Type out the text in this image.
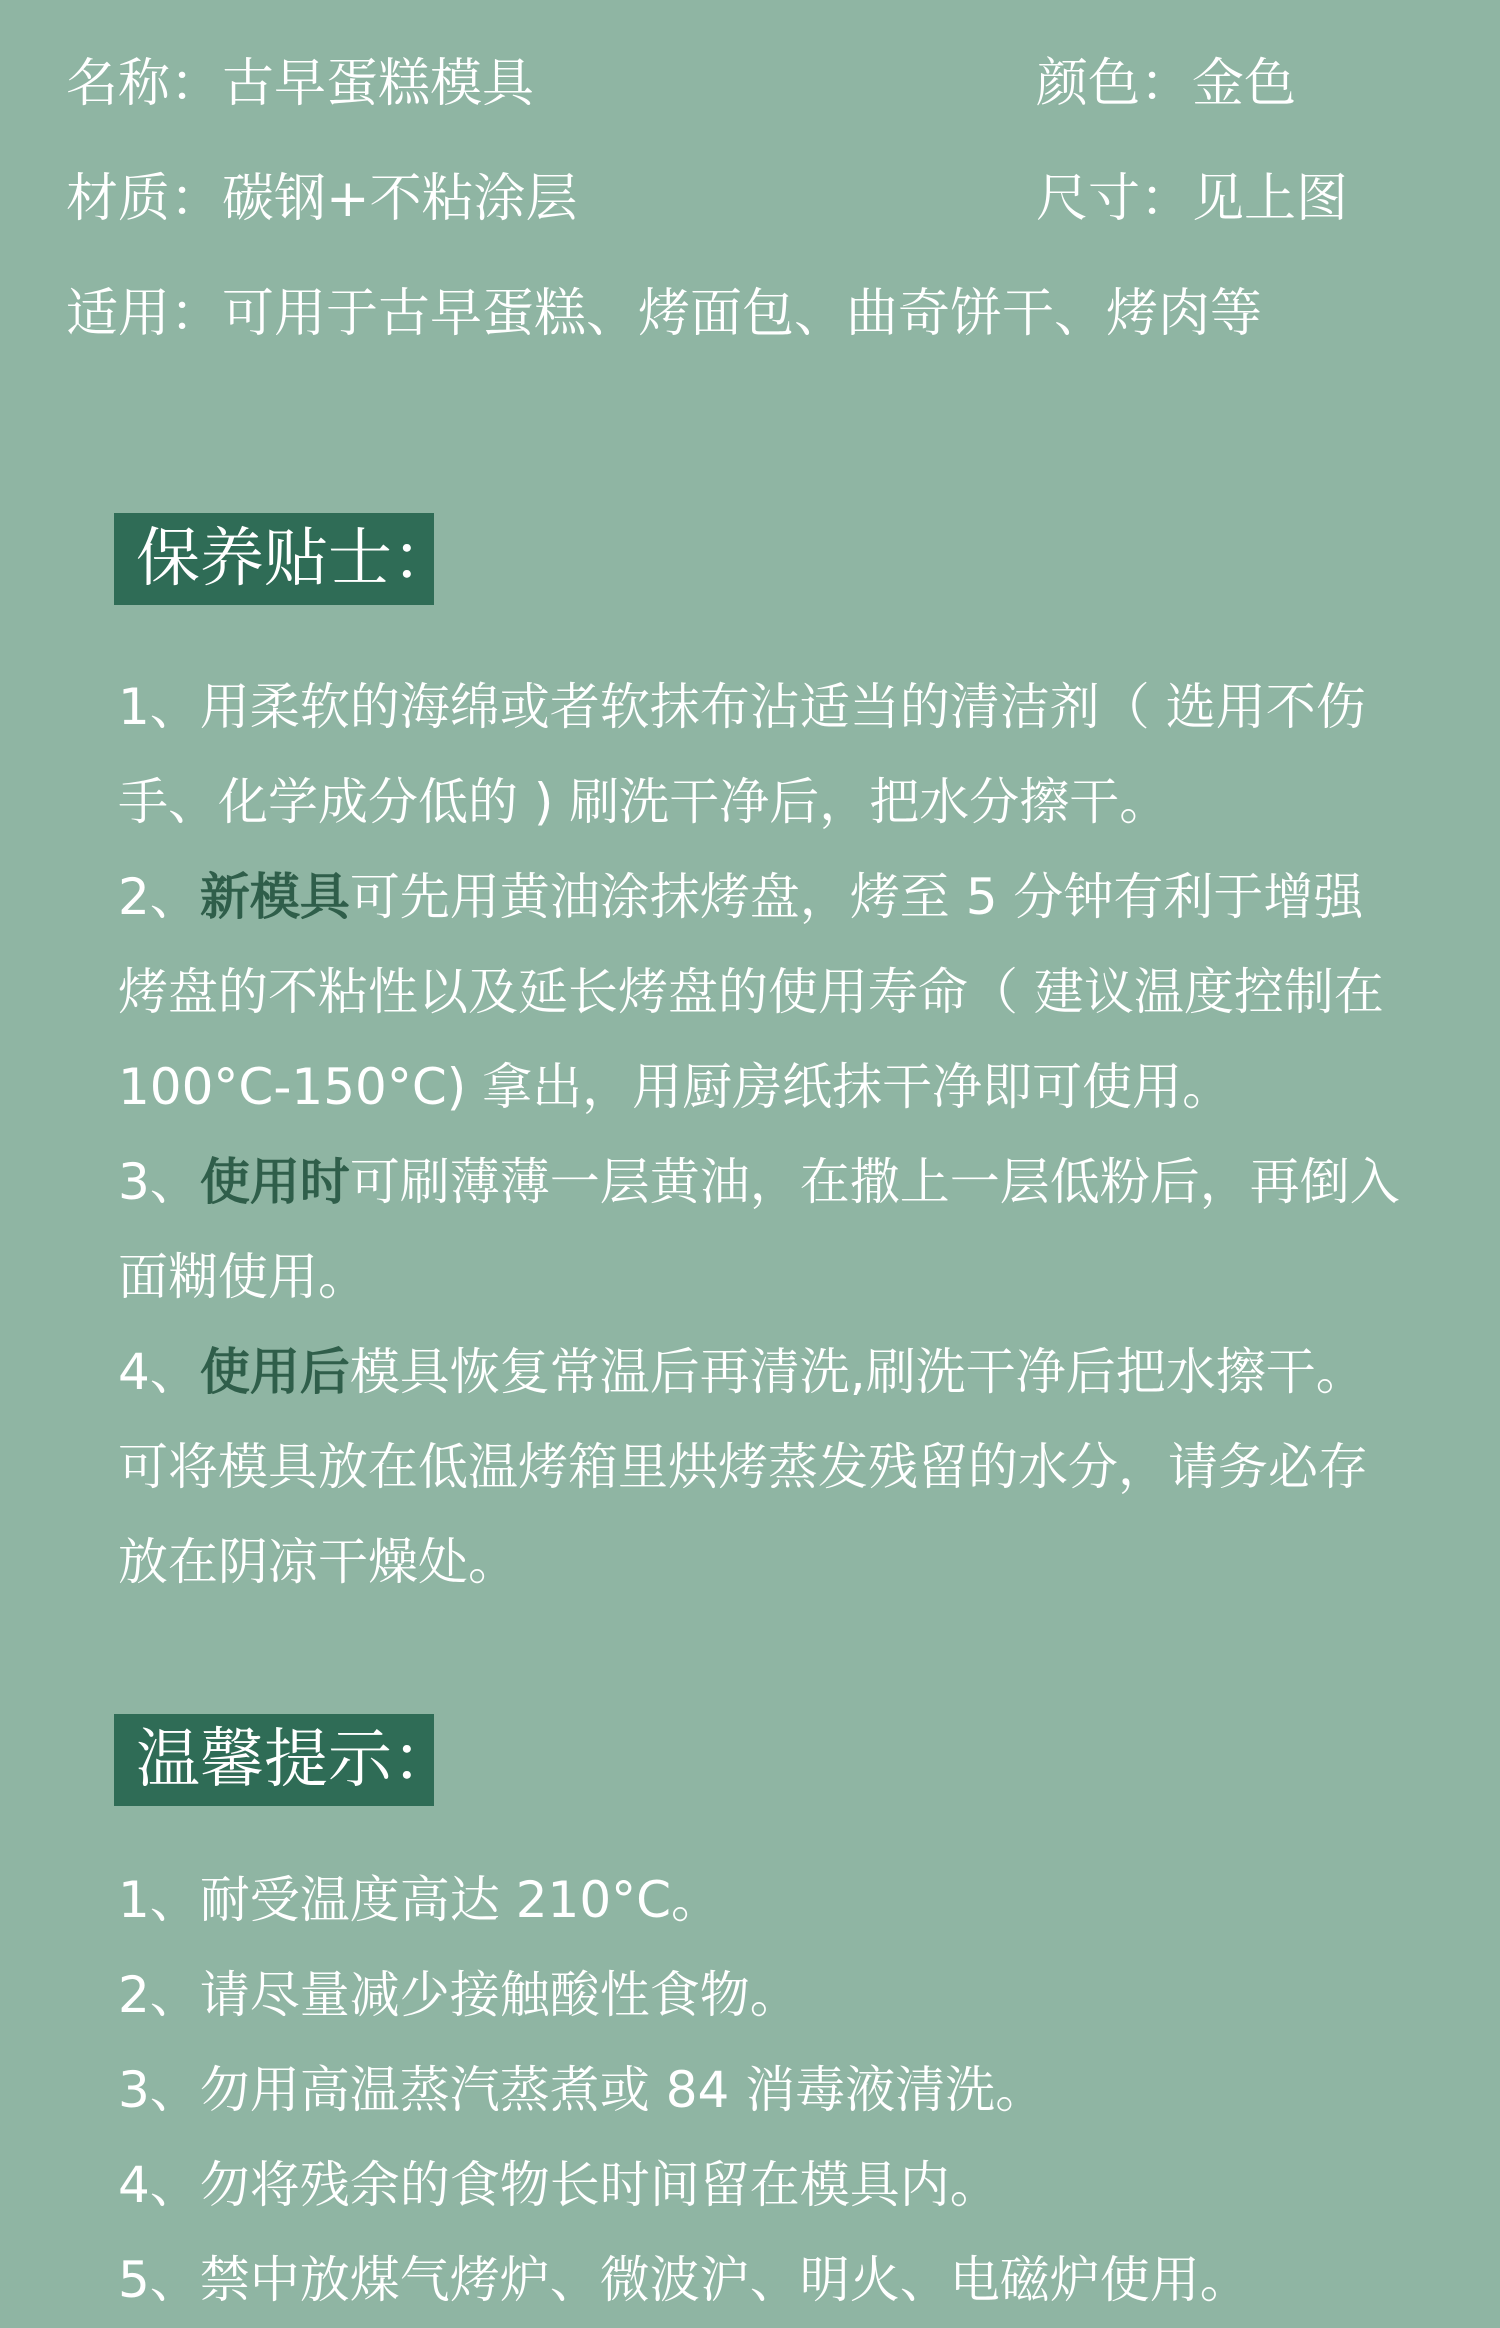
名称：古早蛋糕模具	颜色：金色
材质：碳钢+不粘涂层	尺寸：见上图
适用：可用于古早蛋糕、烤面包、曲奇饼干、烤肉等
保养贴士：

1、用柔软的海绵或者软抹布沾适当的清洁剂（ 选用不伤手、化学成分低的 ) 刷洗干净后，把水分擦干。

2、新模具可先用黄油涂抹烤盘，烤至 5 分钟有利于增强烤盘的不粘性以及延长烤盘的使用寿命（ 建议温度控制在 100°C-150°C) 拿出，用厨房纸抹干净即可使用。

3、使用时可刷薄薄一层黄油，在撒上一层低粉后，再倒入面糊使用。

4、使用后模具恢复常温后再清洗,刷洗干净后把水擦干。可将模具放在低温烤箱里烘烤蒸发残留的水分，请务必存放在阴凉干燥处。

温馨提示：
1、耐受温度高达 210°C。
2、请尽量减少接触酸性食物。
3、勿用高温蒸汽蒸煮或 84 消毒液清洗。
4、勿将残余的食物长时间留在模具内。
5、禁中放煤气烤炉、微波沪、明火、电磁炉使用。
